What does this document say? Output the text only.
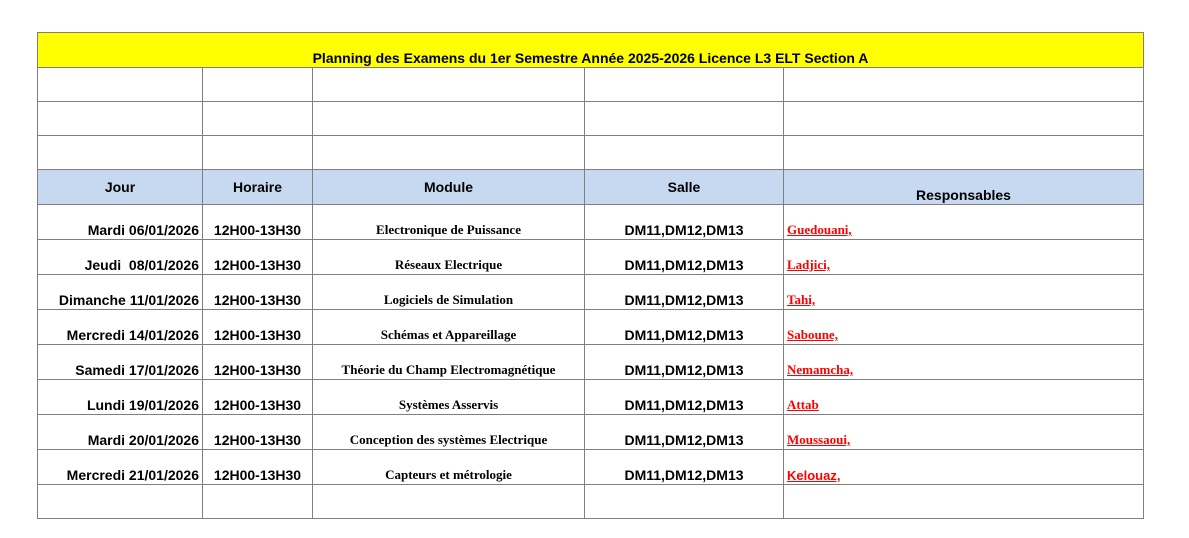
Planning des Examens du 1er Semestre Année 2025-2026 Licence L3 ELT Section A				

Jour	Horaire	Module	Salle	Responsables
Mardi 06/01/2026	12H00-13H30	Electronique de Puissance	DM11,DM12,DM13	Guedouani,
Jeudi  08/01/2026	12H00-13H30	Réseaux Electrique	DM11,DM12,DM13	Ladjici,
Dimanche 11/01/2026	12H00-13H30	Logiciels de Simulation	DM11,DM12,DM13	Tahi,
Mercredi 14/01/2026	12H00-13H30	Schémas et Appareillage	DM11,DM12,DM13	Saboune,
Samedi 17/01/2026	12H00-13H30	Théorie du Champ Electromagnétique	DM11,DM12,DM13	Nemamcha,
Lundi 19/01/2026	12H00-13H30	Systèmes Asservis	DM11,DM12,DM13	Attab
Mardi 20/01/2026	12H00-13H30	Conception des systèmes Electrique	DM11,DM12,DM13	Moussaoui,
Mercredi 21/01/2026	12H00-13H30	Capteurs et métrologie	DM11,DM12,DM13	Kelouaz,
